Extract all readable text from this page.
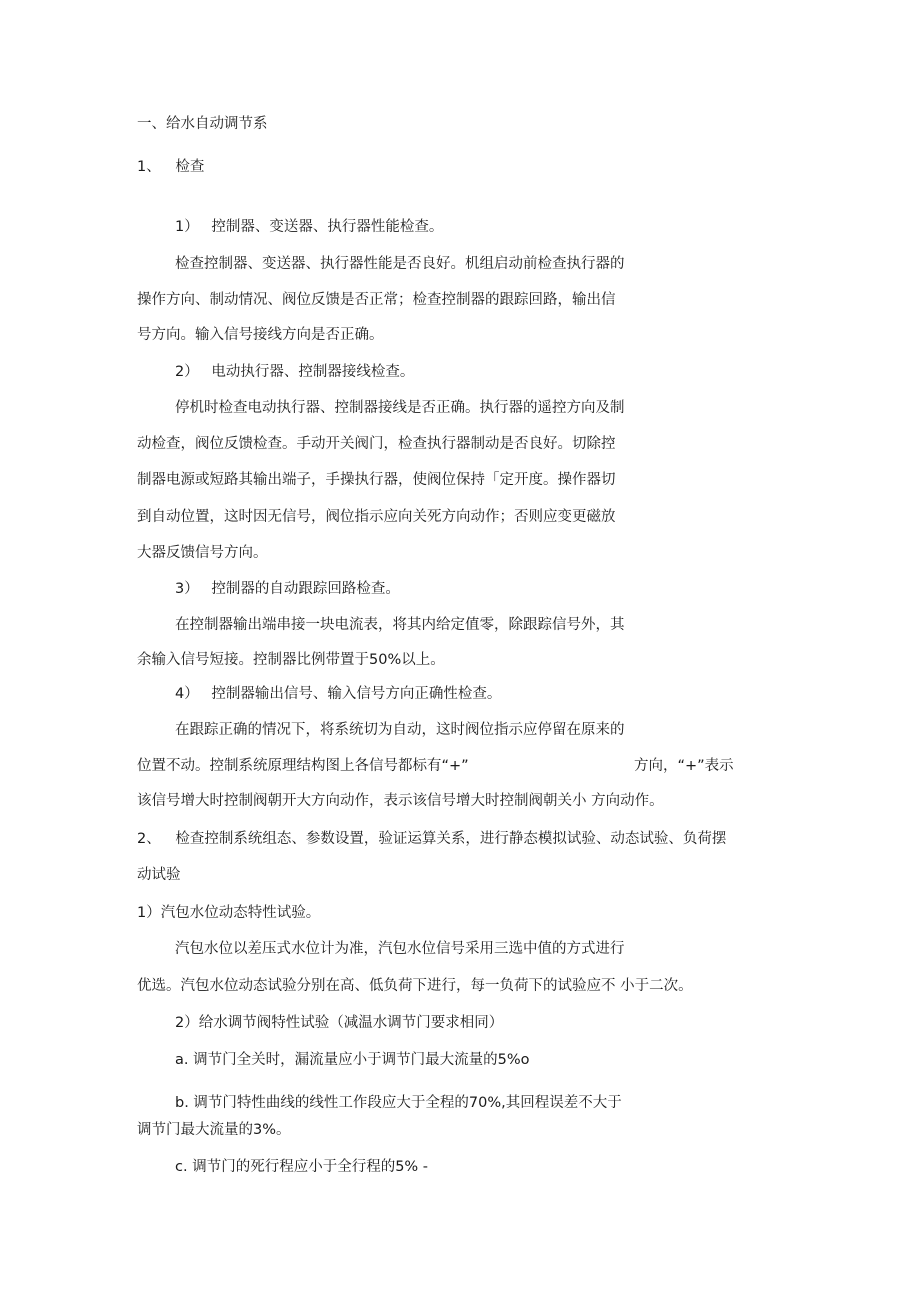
一、给水自动调节系
1、 检查
1） 控制器、变送器、执行器性能检查。
检查控制器、变送器、执行器性能是否良好。机组启动前检查执行器的
操作方向、制动情况、阀位反馈是否正常；检查控制器的跟踪回路，输出信
号方向。输入信号接线方向是否正确。
2） 电动执行器、控制器接线检查。
停机时检查电动执行器、控制器接线是否正确。执行器的遥控方向及制
动检查，阀位反馈检查。手动开关阀门，检查执行器制动是否良好。切除控
制器电源或短路其输出端子，手操执行器，使阀位保持「定开度。操作器切
到自动位置，这时因无信号，阀位指示应向关死方向动作；否则应变更磁放
大器反馈信号方向。
3） 控制器的自动跟踪回路检查。
在控制器输出端串接一块电流表，将其内给定值零，除跟踪信号外，其
余输入信号短接。控制器比例带置于50%以上。
4） 控制器输出信号、输入信号方向正确性检查。
在跟踪正确的情况下，将系统切为自动，这时阀位指示应停留在原来的
位置不动。控制系统原理结构图上各信号都标有“+”	方向，“+”表示
该信号增大时控制阀朝开大方向动作，表示该信号增大时控制阀朝关小 方向动作。
2、 检查控制系统组态、参数设置，验证运算关系，进行静态模拟试验、动态试验、负荷摆
动试验
1）汽包水位动态特性试验。
汽包水位以差压式水位计为准，汽包水位信号采用三选中值的方式进行
优选。汽包水位动态试验分别在高、低负荷下进行，每一负荷下的试验应不 小于二次。
2）给水调节阀特性试验（减温水调节门要求相同）
a. 调节门全关时，漏流量应小于调节门最大流量的5%o
b. 调节门特性曲线的线性工作段应大于全程的70%,其回程误差不大于
调节门最大流量的3%。
c. 调节门的死行程应小于全行程的5% -
